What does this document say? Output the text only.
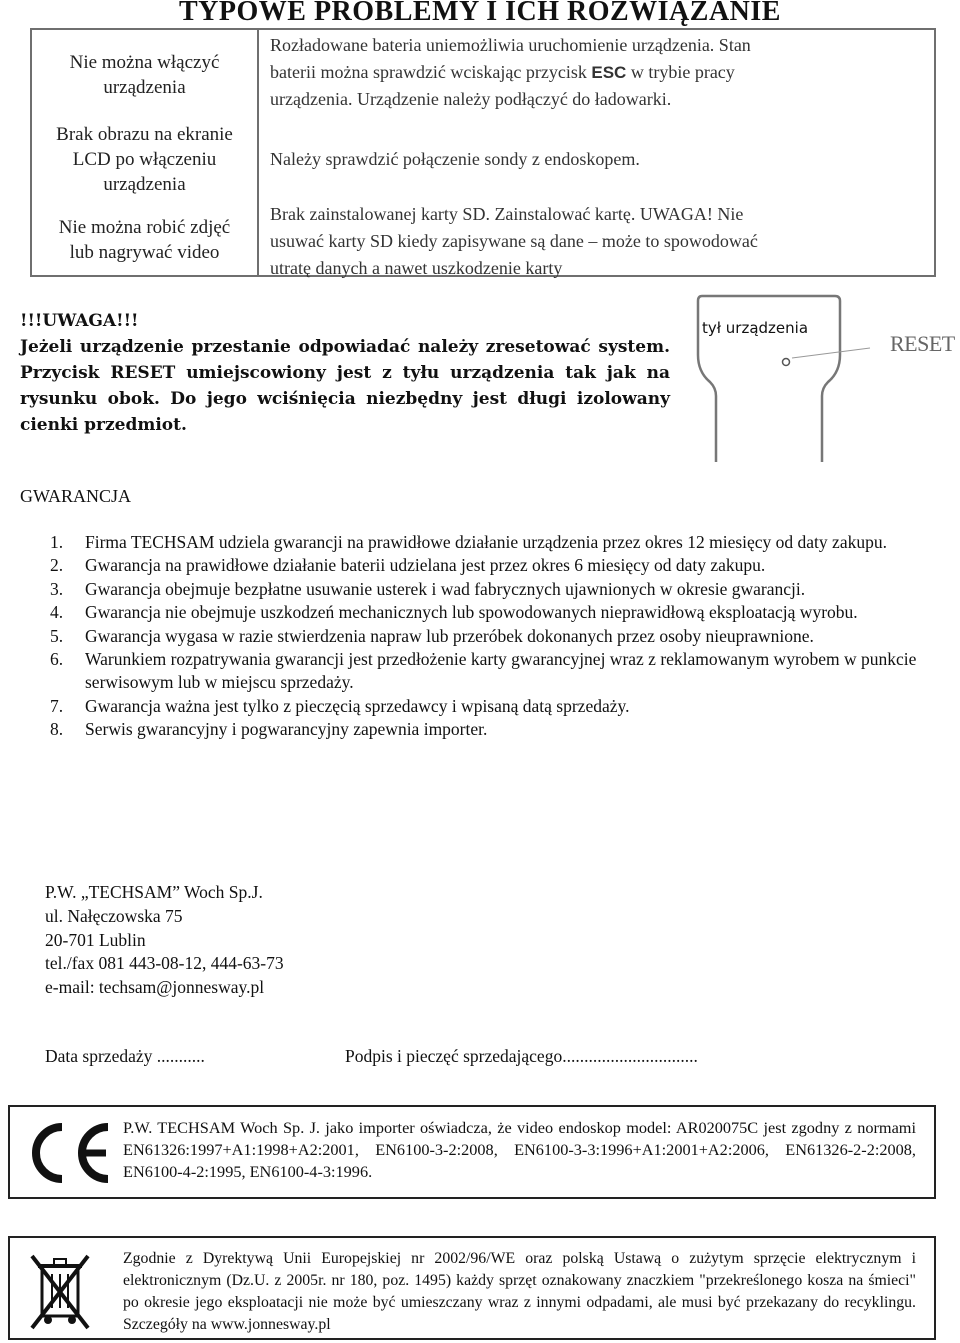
TYPOWE PROBLEMY I ICH ROZWIĄZANIE
Nie można włączyć
urządzenia
Rozładowane bateria uniemożliwia uruchomienie urządzenia. Stan
baterii można sprawdzić wciskając przycisk ESC w trybie pracy
urządzenia. Urządzenie należy podłączyć do ładowarki.
Brak obrazu na ekranie
LCD po włączeniu
urządzenia
Należy sprawdzić połączenie sondy z endoskopem.
Nie można robić zdjęć
lub nagrywać video
Brak zainstalowanej karty SD. Zainstalować kartę. UWAGA! Nie
usuwać karty SD kiedy zapisywane są dane – może to spowodować
utratę danych a nawet uszkodzenie karty
!!!UWAGA!!!

Jeżeli urządzenie przestanie odpowiadać należy zresetować system. Przycisk RESET umiejscowiony jest z tyłu urządzenia tak jak na rysunku obok. Do jego wciśnięcia niezbędny jest długi izolowany cienki przedmiot.

tył urządzenia
RESET
GWARANCJA
1. Firma TECHSAM udziela gwarancji na prawidłowe działanie urządzenia przez okres 12 miesięcy od daty zakupu.
2. Gwarancja na prawidłowe działanie baterii udzielana jest przez okres 6 miesięcy od daty zakupu.
3. Gwarancja obejmuje bezpłatne usuwanie usterek i wad fabrycznych ujawnionych w okresie gwarancji.
4. Gwarancja nie obejmuje uszkodzeń mechanicznych lub spowodowanych nieprawidłową eksploatacją wyrobu.
5. Gwarancja wygasa w razie stwierdzenia napraw lub przeróbek dokonanych przez osoby nieuprawnione.
6. Warunkiem rozpatrywania gwarancji jest przedłożenie karty gwarancyjnej wraz z reklamowanym wyrobem w punkcie serwisowym lub w miejscu sprzedaży.
7. Gwarancja ważna jest tylko z pieczęcią sprzedawcy i wpisaną datą sprzedaży.
8. Serwis gwarancyjny i pogwarancyjny zapewnia importer.
P.W. „TECHSAM” Woch Sp.J.
ul. Nałęczowska 75
20-701 Lublin
tel./fax 081 443-08-12, 444-63-73
e-mail: techsam@jonnesway.pl
Data sprzedaży ...........	Podpis i pieczęć sprzedającego...............................
P.W. TECHSAM Woch Sp. J. jako importer oświadcza, że video endoskop model: AR020075C jest zgodny z normami EN61326:1997+A1:1998+A2:2001, EN6100-3-2:2008, EN6100-3-3:1996+A1:2001+A2:2006, EN61326-2-2:2008, EN6100-4-2:1995, EN6100-4-3:1996.
Zgodnie z Dyrektywą Unii Europejskiej nr 2002/96/WE oraz polską Ustawą o zużytym sprzęcie elektrycznym i elektronicznym (Dz.U. z 2005r. nr 180, poz. 1495) każdy sprzęt oznakowany znaczkiem "przekreślonego kosza na śmieci" po okresie jego eksploatacji nie może być umieszczany wraz z innymi odpadami, ale musi być przekazany do recyklingu. Szczegóły na www.jonnesway.pl
